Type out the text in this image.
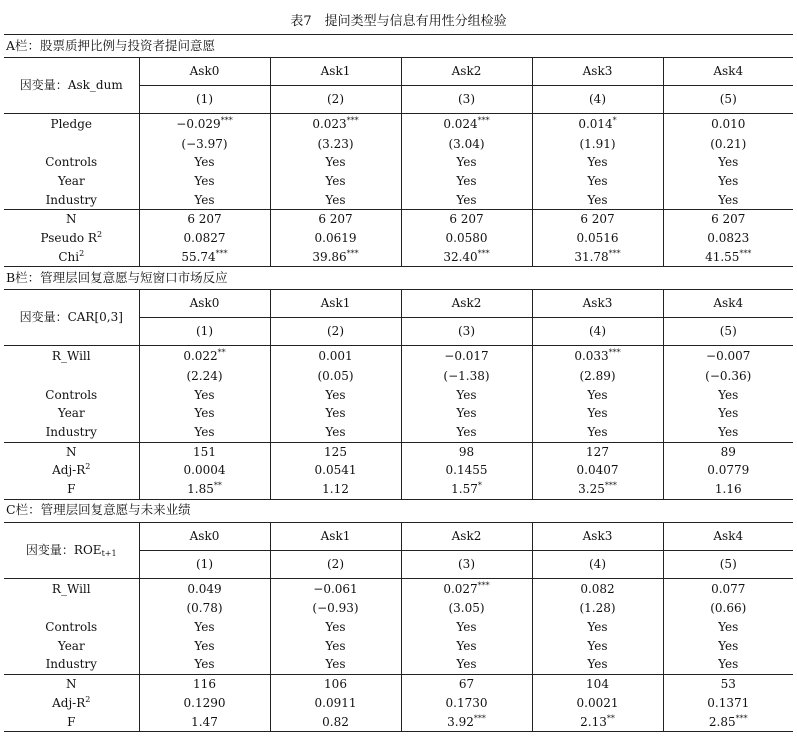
表7　提问类型与信息有用性分组检验
A栏：股票质押比例与投资者提问意愿					
因变量：Ask_dum	Ask0	Ask1	Ask2	Ask3	Ask4
	(1)	(2)	(3)	(4)	(5)
Pledge	−0.029***	0.023***	0.024***	0.014*	0.010
	(−3.97)	(3.23)	(3.04)	(1.91)	(0.21)
Controls	Yes	Yes	Yes	Yes	Yes
Year	Yes	Yes	Yes	Yes	Yes
Industry	Yes	Yes	Yes	Yes	Yes
N	6 207	6 207	6 207	6 207	6 207
Pseudo $R^2$	0.0827	0.0619	0.0580	0.0516	0.0823
Chi$^2$	55.74***	39.86***	32.40***	31.78***	41.55***
B栏：管理层回复意愿与短窗口市场反应					
因变量：CAR[0,3]	Ask0	Ask1	Ask2	Ask3	Ask4
	(1)	(2)	(3)	(4)	(5)
R_Will	0.022**	0.001	−0.017	0.033***	−0.007
	(2.24)	(0.05)	(−1.38)	(2.89)	(−0.36)
Controls	Yes	Yes	Yes	Yes	Yes
Year	Yes	Yes	Yes	Yes	Yes
Industry	Yes	Yes	Yes	Yes	Yes
N	151	125	98	127	89
Adj-$R^2$	0.0004	0.0541	0.1455	0.0407	0.0779
F	1.85**	1.12	1.57*	3.25***	1.16
C栏：管理层回复意愿与未来业绩					
因变量：$ROE_{t+1}$	Ask0	Ask1	Ask2	Ask3	Ask4
	(1)	(2)	(3)	(4)	(5)
R_Will	0.049	−0.061	0.027***	0.082	0.077
	(0.78)	(−0.93)	(3.05)	(1.28)	(0.66)
Controls	Yes	Yes	Yes	Yes	Yes
Year	Yes	Yes	Yes	Yes	Yes
Industry	Yes	Yes	Yes	Yes	Yes
N	116	106	67	104	53
Adj-$R^2$	0.1290	0.0911	0.1730	0.0021	0.1371
F	1.47	0.82	3.92***	2.13**	2.85***
